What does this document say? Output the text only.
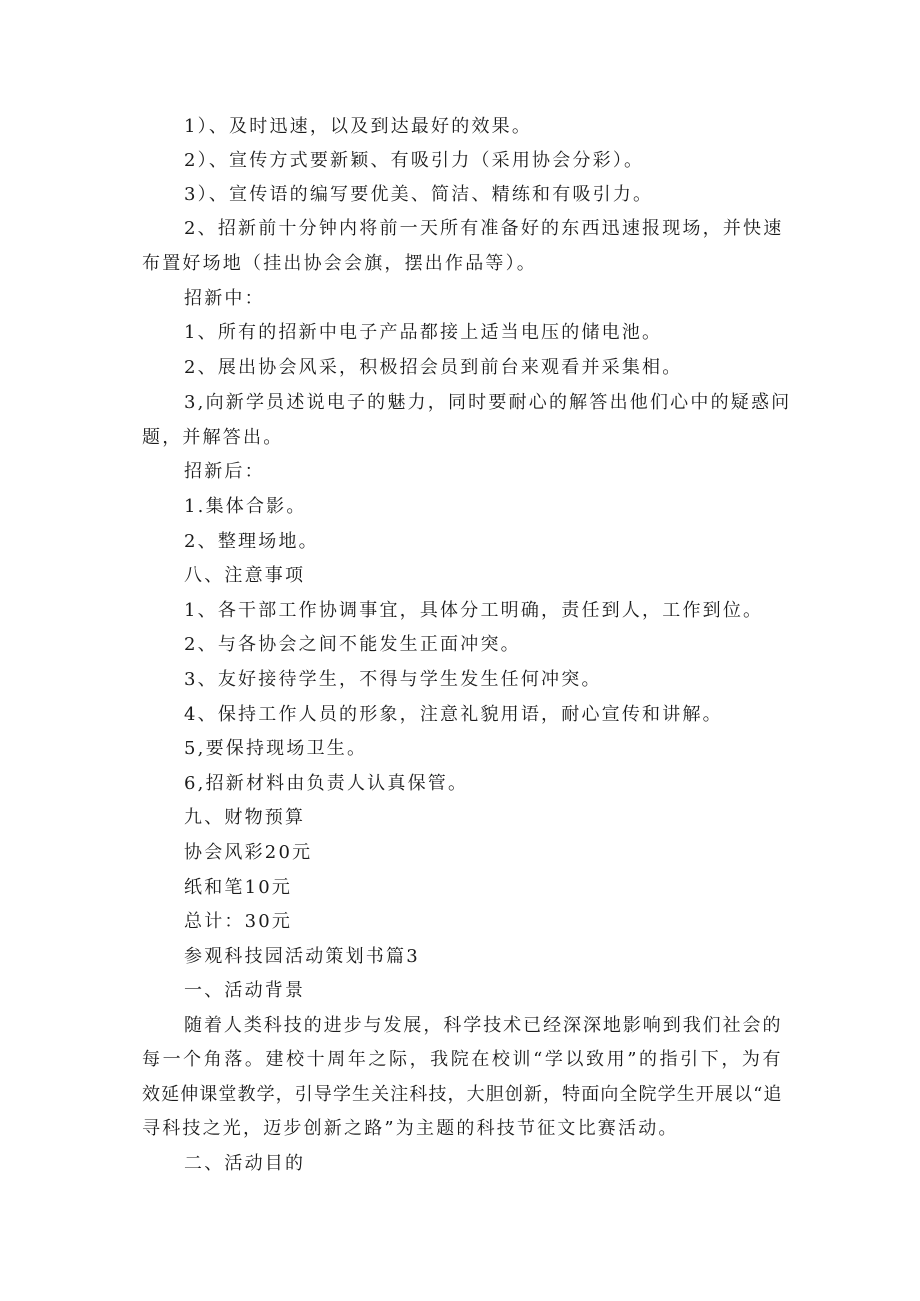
1）、及时迅速，以及到达最好的效果。
2）、宣传方式要新颖、有吸引力（采用协会分彩）。
3）、宣传语的编写要优美、简洁、精练和有吸引力。
2、招新前十分钟内将前一天所有准备好的东西迅速报现场，并快速
布置好场地（挂出协会会旗，摆出作品等）。
招新中：
1、所有的招新中电子产品都接上适当电压的储电池。
2、展出协会风采，积极招会员到前台来观看并采集相。
3,向新学员述说电子的魅力，同时要耐心的解答出他们心中的疑惑问
题，并解答出。
招新后：
1.集体合影。
2、整理场地。
八、注意事项
1、各干部工作协调事宜，具体分工明确，责任到人，工作到位。
2、与各协会之间不能发生正面冲突。
3、友好接待学生，不得与学生发生任何冲突。
4、保持工作人员的形象，注意礼貌用语，耐心宣传和讲解。
5,要保持现场卫生。
6,招新材料由负责人认真保管。
九、财物预算
协会风彩20元
纸和笔10元
总计：30元
参观科技园活动策划书篇3
一、活动背景
随着人类科技的进步与发展，科学技术已经深深地影响到我们社会的
每一个角落。建校十周年之际，我院在校训“学以致用”的指引下，为有
效延伸课堂教学，引导学生关注科技，大胆创新，特面向全院学生开展以“追
寻科技之光，迈步创新之路”为主题的科技节征文比赛活动。
二、活动目的
